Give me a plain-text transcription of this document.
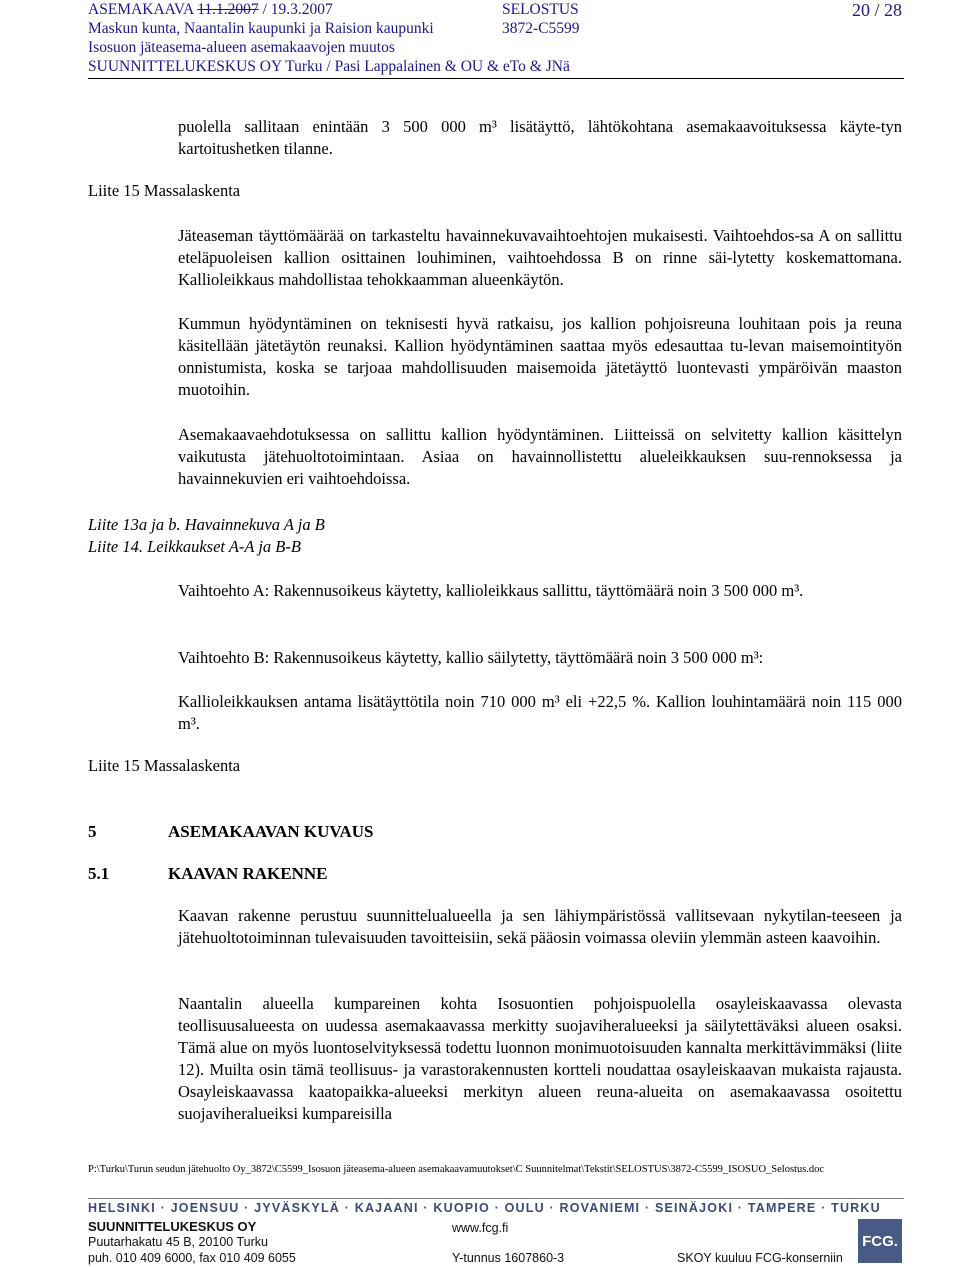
ASEMAKAAVA 11.1.2007 / 19.3.2007
Maskun kunta, Naantalin kaupunki ja Raision kaupunki
Isosuon jäteasema-alueen asemakaavojen muutos
SUUNNITTELUKESKUS OY Turku / Pasi Lappalainen & OU & eTo & JNä
SELOSTUS
3872-C5599
20 / 28
puolella sallitaan enintään 3 500 000 m³ lisätäyttö, lähtökohtana asemakaavoituksessa käyte-tyn kartoitushetken tilanne.
Liite 15 Massalaskenta
Jäteaseman täyttömäärää on tarkasteltu havainnekuvavaihtoehtojen mukaisesti. Vaihtoehdos-sa A on sallittu eteläpuoleisen kallion osittainen louhiminen, vaihtoehdossa B on rinne säi-lytetty koskemattomana. Kallioleikkaus mahdollistaa tehokkaamman alueenkäytön.
Kummun hyödyntäminen on teknisesti hyvä ratkaisu, jos kallion pohjoisreuna louhitaan pois ja reuna käsitellään jätetäytön reunaksi. Kallion hyödyntäminen saattaa myös edesauttaa tu-levan maisemointityön onnistumista, koska se tarjoaa mahdollisuuden maisemoida jätetäyttö luontevasti ympäröivän maaston muotoihin.
Asemakaavaehdotuksessa on sallittu kallion hyödyntäminen. Liitteissä on selvitetty kallion käsittelyn vaikutusta jätehuoltotoimintaan. Asiaa on havainnollistettu alueleikkauksen suu-rennoksessa ja havainnekuvien eri vaihtoehdoissa.
Liite 13a ja b. Havainnekuva A ja B
Liite 14. Leikkaukset A-A ja B-B
Vaihtoehto A: Rakennusoikeus käytetty, kallioleikkaus sallittu, täyttömäärä noin 3 500 000 m³.
Vaihtoehto B: Rakennusoikeus käytetty, kallio säilytetty, täyttömäärä noin 3 500 000 m³:
Kallioleikkauksen antama lisätäyttötila noin 710 000 m³ eli +22,5 %. Kallion louhintamäärä noin 115 000 m³.
Liite 15 Massalaskenta
5	ASEMAKAAVAN KUVAUS
5.1	KAAVAN RAKENNE
Kaavan rakenne perustuu suunnittelualueella ja sen lähiympäristössä vallitsevaan nykytilan-teeseen ja jätehuoltotoiminnan tulevaisuuden tavoitteisiin, sekä pääosin voimassa oleviin ylemmän asteen kaavoihin.
Naantalin alueella kumpareinen kohta Isosuontien pohjoispuolella osayleiskaavassa olevasta teollisuusalueesta on uudessa asemakaavassa merkitty suojaviheralueeksi ja säilytettäväksi alueen osaksi. Tämä alue on myös luontoselvityksessä todettu luonnon monimuotoisuuden kannalta merkittävimmäksi (liite 12). Muilta osin tämä teollisuus- ja varastorakennusten kortteli noudattaa osayleiskaavan mukaista rajausta. Osayleiskaavassa kaatopaikka-alueeksi merkityn alueen reuna-alueita on asemakaavassa osoitettu suojaviheralueiksi kumpareisilla
P:\Turku\Turun seudun jätehuolto Oy_3872\C5599_Isosuon jäteasema-alueen asemakaavamuutokset\C Suunnitelmat\Tekstit\SELOSTUS\3872-C5599_ISOSUO_Selostus.doc
HELSINKI · JOENSUU · JYVÄSKYLÄ · KAJAANI · KUOPIO · OULU · ROVANIEMI · SEINÄJOKI · TAMPERE · TURKU
SUUNNITTELUKESKUS OY
Puutarhakatu 45 B, 20100 Turku
puh. 010 409 6000, fax 010 409 6055
www.fcg.fi
Y-tunnus 1607860-3	SKOY kuuluu FCG-konserniin
FCG.
